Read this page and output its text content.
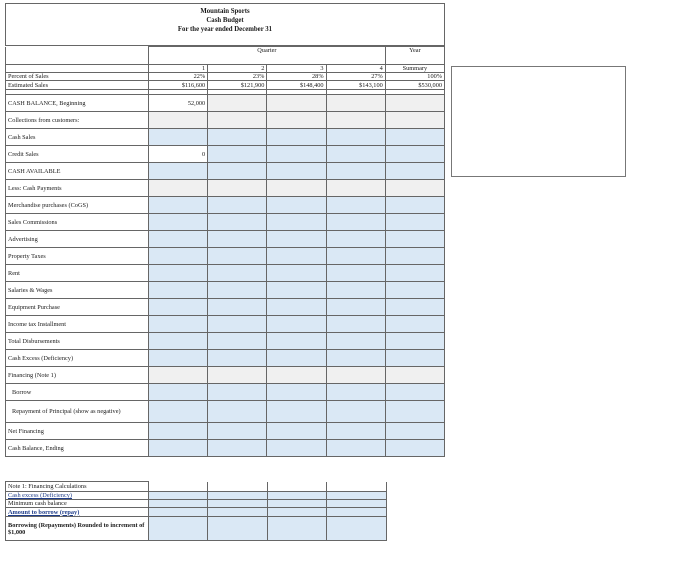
Mountain Sports
Cash Budget
For the year ended December 31
	Quarter				Year
	1	2	3	4	Summary
Percent of Sales	22%	23%	28%	27%	100%
Estimated Sales	$116,600	$121,900	$148,400	$143,100	$530,000

CASH BALANCE, Beginning	52,000				
Collections from customers:					
Cash Sales					
Credit Sales	0				
CASH AVAILABLE					
Less: Cash Payments					
Merchandise purchases (CoGS)					
Sales Commissions					
Advertising					
Property Taxes					
Rent					
Salaries & Wages					
Equipment Purchase					
Income tax Installment					
Total Disbursements					
Cash Excess (Deficiency)					
Financing (Note 1)					
Borrow					
Repayment of Principal (show as negative)					
Net Financing					
Cash Balance, Ending					
Note 1: Financing Calculations					
Cash excess (Deficiency)					
Minimum cash balance					
Amount to borrow (repay)					
Borrowing (Repayments) Rounded to increment of $1,000					
